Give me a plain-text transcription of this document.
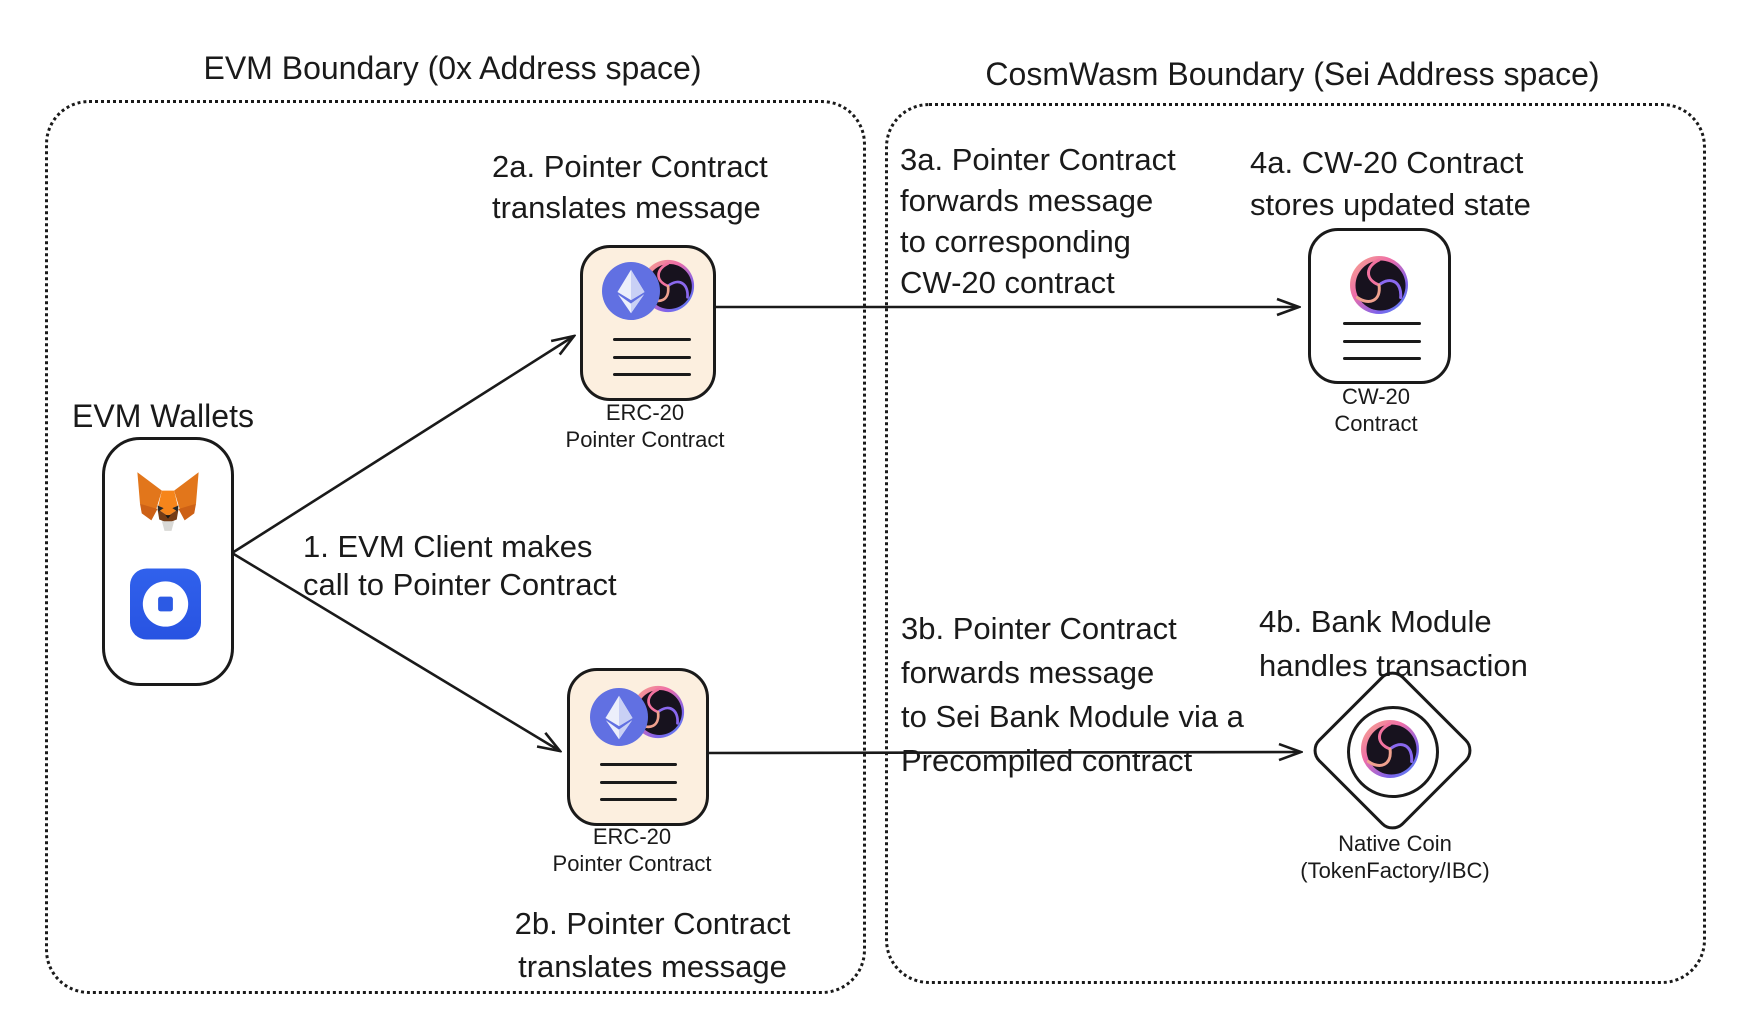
EVM Boundary (0x Address space)	CosmWasm Boundary (Sei Address space)
EVM Wallets	ERC-20
Pointer Contract
ERC-20
Pointer Contract
CW-20
Contract
Native Coin
(TokenFactory/IBC)
1. EVM Client makes
call to Pointer Contract
2a. Pointer Contract
translates message
2b. Pointer Contract
translates message
3a. Pointer Contract
forwards message
to corresponding
CW-20 contract
3b. Pointer Contract
forwards message
to Sei Bank Module via a
Precompiled contract
4a. CW-20 Contract
stores updated state
4b. Bank Module
handles transaction
